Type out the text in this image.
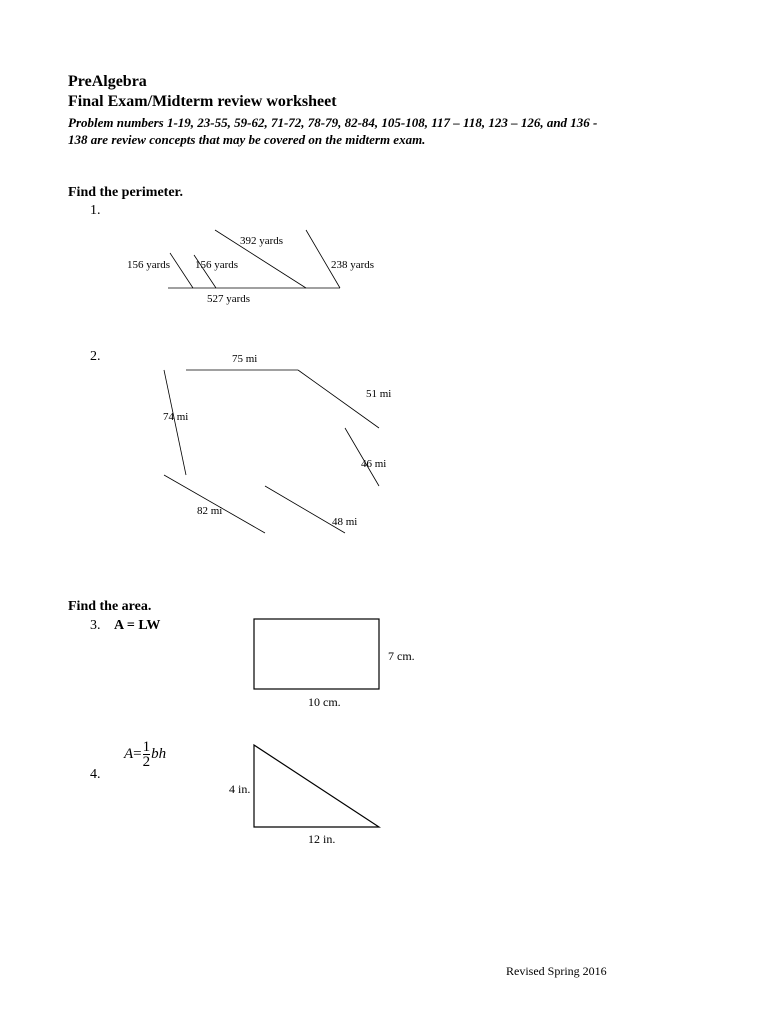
PreAlgebra
Final Exam/Midterm review worksheet
Problem numbers 1-19, 23-55, 59-62, 71-72, 78-79, 82-84, 105-108, 117 – 118, 123 – 126, and 136 -
138 are review concepts that may be covered on the midterm exam.
Find the perimeter.
1.
392 yards
156 yards 156 yards	238 yards
527 yards
2.	75 mi
51 mi
74 mi
46 mi
82 mi
48 mi
Find the area.
3. A = LW
7 cm.
10 cm.
$A= \frac{1}{2}$ bh
4.
4 in.
12 in.
Revised Spring 2016
